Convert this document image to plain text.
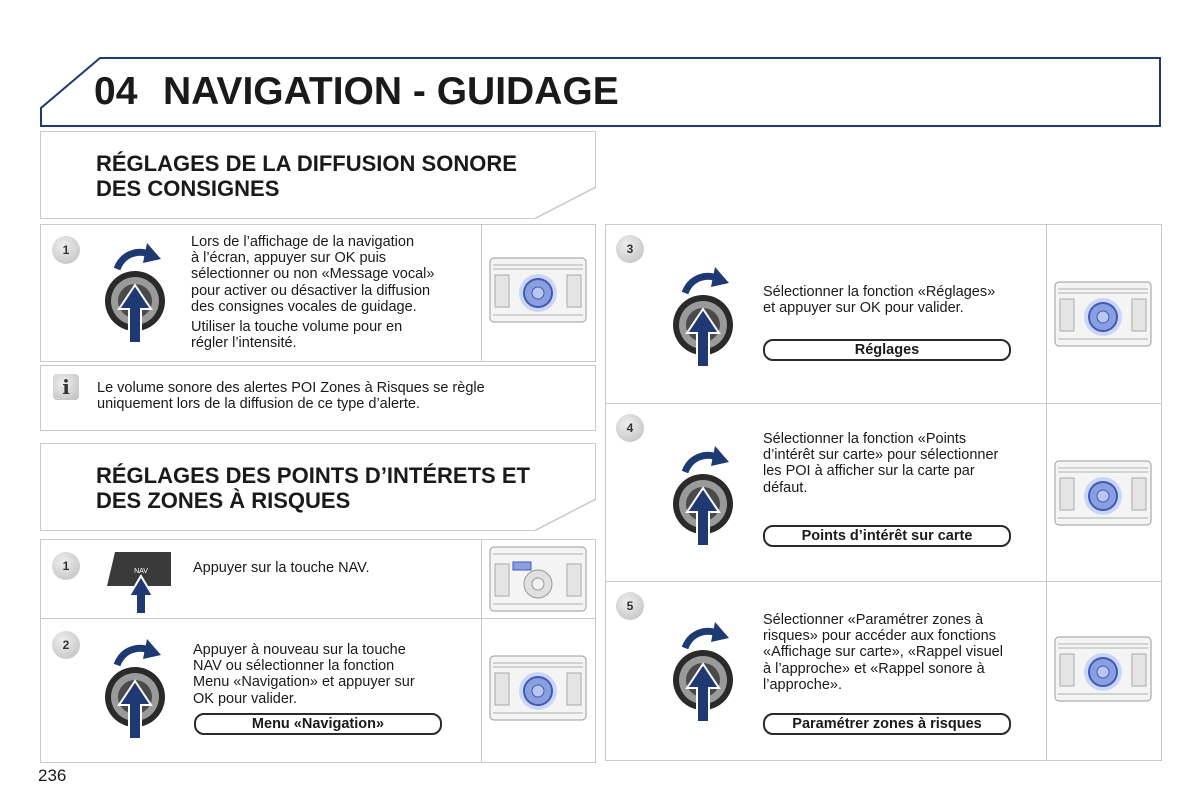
04 NAVIGATION - GUIDAGE
RÉGLAGES DE LA DIFFUSION SONORE
DES CONSIGNES
1	Lors de l’affichage de la navigation
à l’écran, appuyer sur OK puis
sélectionner ou non «Message vocal»
pour activer ou désactiver la diffusion
des consignes vocales de guidage.

Utiliser la touche volume pour en
régler l’intensité.

i	Le volume sonore des alertes POI Zones à Risques se règle
uniquement lors de la diffusion de ce type d’alerte.
RÉGLAGES DES POINTS D’INTÉRETS ET
DES ZONES À RISQUES
1	NAV	Appuyer sur la touche NAV.
2	Appuyer à nouveau sur la touche
NAV ou sélectionner la fonction
Menu «Navigation» et appuyer sur
OK pour valider.
Menu «Navigation»
3
Sélectionner la fonction «Réglages»
et appuyer sur OK pour valider.
Réglages
4
Sélectionner la fonction «Points
d’intérêt sur carte» pour sélectionner
les POI à afficher sur la carte par
défaut.
Points d’intérêt sur carte
5
Sélectionner «Paramétrer zones à
risques» pour accéder aux fonctions
«Affichage sur carte», «Rappel visuel
à l’approche» et «Rappel sonore à
l’approche».
Paramétrer zones à risques
236
